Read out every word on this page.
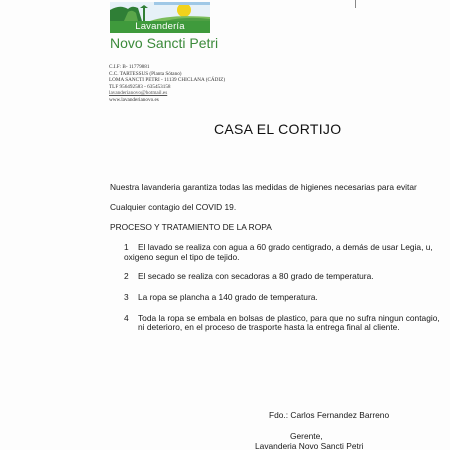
Lavandería
Novo Sancti Petri
C.I.F: B- 11779881
C.C. TARTESSUS (Planta Sótano)
LOMA SANCTI PETRI - 11139 CHICLANA (CÁDIZ)
TLF 956492583 - 635453158
lavanderianovo@hotmail.es
www.lavanderianovo.es
CASA EL CORTIJO
Nuestra lavanderia garantiza todas las medidas de higienes necesarias para evitar
Cualquier contagio del COVID 19.
PROCESO Y TRATAMIENTO DE LA ROPA
1 El lavado se realiza con agua a 60 grado centigrado, a demás de usar Legia, u,
oxigeno segun el tipo de tejido.
2 El secado se realiza con secadoras a 80 grado de temperatura.
3 La ropa se plancha a 140 grado de temperatura.
4 Toda la ropa se embala en bolsas de plastico, para que no sufra ningun contagio,
ni deterioro, en el proceso de trasporte hasta la entrega final al cliente.
Fdo.: Carlos Fernandez Barreno
Gerente,
Lavanderia Novo Sancti Petri
